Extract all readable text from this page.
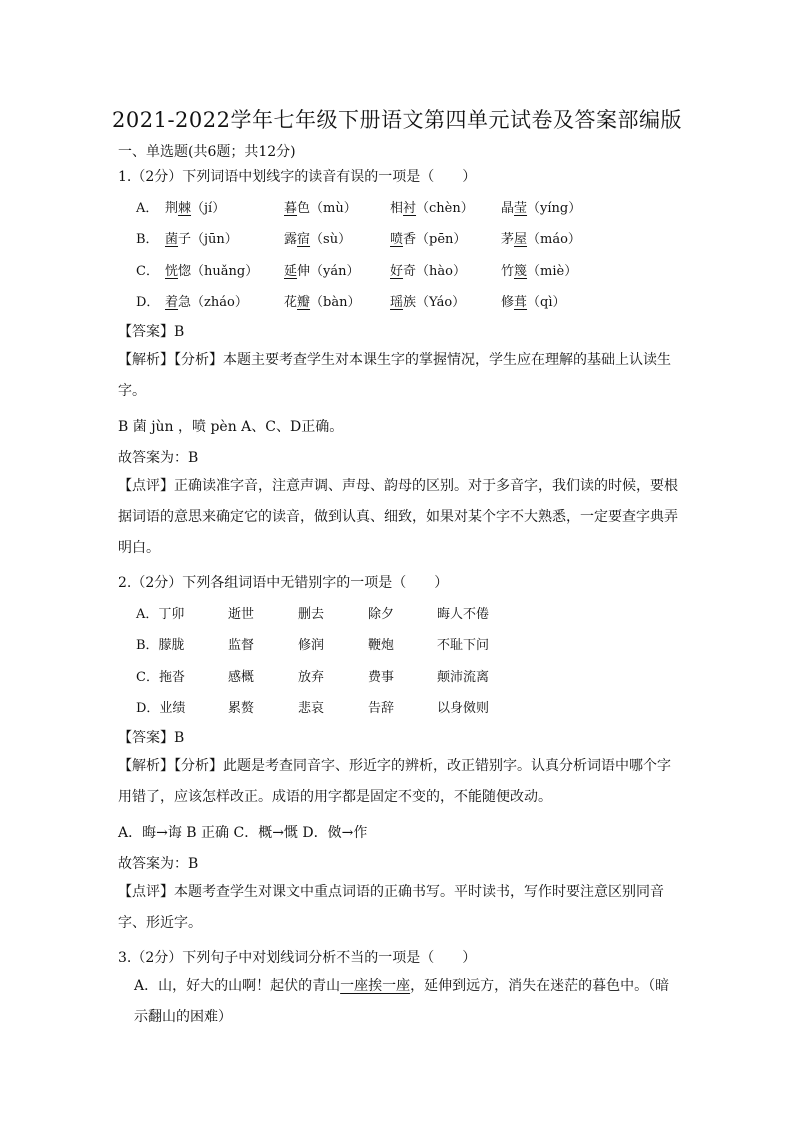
2021-2022学年七年级下册语文第四单元试卷及答案部编版
一、单选题(共6题；共12分)
1.（2分）下列词语中划线字的读音有误的一项是（　　）
A． 荆棘（jí）	暮色（mù）	相衬（chèn） 晶莹（yíng）
B． 菌子（jūn）	露宿（sù）	喷香（pēn）	茅屋（máo）
C． 恍惚（huǎng） 延伸（yán） 好奇（hào）	竹篾（miè）
D． 着急（zháo）	花瓣（bàn） 瑶族（Yáo）	修葺（qì）
【答案】B
【解析】【分析】本题主要考查学生对本课生字的掌握情况，学生应在理解的基础上认读生字。
B 菌 jùn ，喷 pèn A、C、D正确。
故答案为：B
【点评】正确读准字音，注意声调、声母、韵母的区别。对于多音字，我们读的时候，要根据词语的意思来确定它的读音，做到认真、细致，如果对某个字不大熟悉，一定要查字典弄明白。
2.（2分）下列各组词语中无错别字的一项是（　　）
A．丁卯	逝世	删去	除夕	晦人不倦
B．朦胧	监督	修润	鞭炮	不耻下问
C．拖沓	感概	放弃	费事	颠沛流离
D．业绩	累赘	悲哀	告辞	以身傚则
【答案】B
【解析】【分析】此题是考查同音字、形近字的辨析，改正错别字。认真分析词语中哪个字用错了，应该怎样改正。成语的用字都是固定不变的，不能随便改动。
A．晦→诲 B 正确 C．概→慨 D．傚→作
故答案为：B
【点评】本题考查学生对课文中重点词语的正确书写。平时读书，写作时要注意区别同音字、形近字。
3.（2分）下列句子中对划线词分析不当的一项是（　　）
A．山，好大的山啊！起伏的青山一座挨一座，延伸到远方，消失在迷茫的暮色中。（暗示翻山的困难）
